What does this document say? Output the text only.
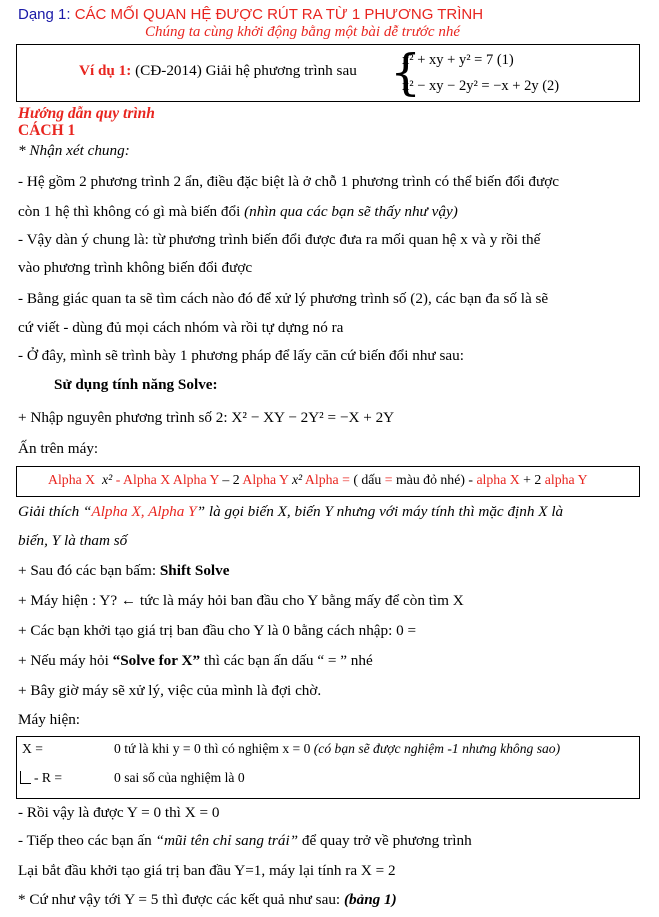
Dạng 1: CÁC MỐI QUAN HỆ ĐƯỢC RÚT RA TỪ 1 PHƯƠNG TRÌNH
Chúng ta cùng khởi động bằng một bài dễ trước nhé
Ví dụ 1: (CĐ-2014) Giải hệ phương trình sau {
x² + xy + y² = 7 (1)
x² − xy − 2y² = −x + 2y (2)
Hướng dẫn quy trình
CÁCH 1
* Nhận xét chung:
- Hệ gồm 2 phương trình 2 ẩn, điều đặc biệt là ở chỗ 1 phương trình có thể biến đổi được
còn 1 hệ thì không có gì mà biến đổi (nhìn qua các bạn sẽ thấy như vậy)
- Vậy dàn ý chung là: từ phương trình biến đổi được đưa ra mối quan hệ x và y rồi thế
vào phương trình không biến đổi được
- Bằng giác quan ta sẽ tìm cách nào đó để xử lý phương trình số (2), các bạn đa số là sẽ
cứ viết - dùng đủ mọi cách nhóm và rồi tự dựng nó ra
- Ở đây, mình sẽ trình bày 1 phương pháp để lấy căn cứ biến đổi như sau:
Sử dụng tính năng Solve:
+ Nhập nguyên phương trình số 2: X² − XY − 2Y² = −X + 2Y
Ấn trên máy:
Alpha X x² - Alpha X Alpha Y – 2 Alpha Y x² Alpha = ( dấu = màu đỏ nhé) - alpha X + 2 alpha Y
Giải thích “Alpha X, Alpha Y” là gọi biến X, biến Y nhưng với máy tính thì mặc định X là
biến, Y là tham số
+ Sau đó các bạn bấm: Shift Solve
+ Máy hiện : Y? ← tức là máy hỏi ban đầu cho Y bằng mấy để còn tìm X
+ Các bạn khởi tạo giá trị ban đầu cho Y là 0 bằng cách nhập: 0 =
+ Nếu máy hỏi “Solve for X” thì các bạn ấn dấu “ = ” nhé
+ Bây giờ máy sẽ xử lý, việc của mình là đợi chờ.
Máy hiện:
X =	0 tứ là khi y = 0 thì có nghiệm x = 0 (có bạn sẽ được nghiệm -1 nhưng không sao)
- R =	0 sai số của nghiệm là 0
- Rồi vậy là được Y = 0 thì X = 0
- Tiếp theo các bạn ấn “mũi tên chỉ sang trái” để quay trở về phương trình
Lại bắt đầu khởi tạo giá trị ban đầu Y=1, máy lại tính ra X = 2
* Cứ như vậy tới Y = 5 thì được các kết quả như sau: (bảng 1)
